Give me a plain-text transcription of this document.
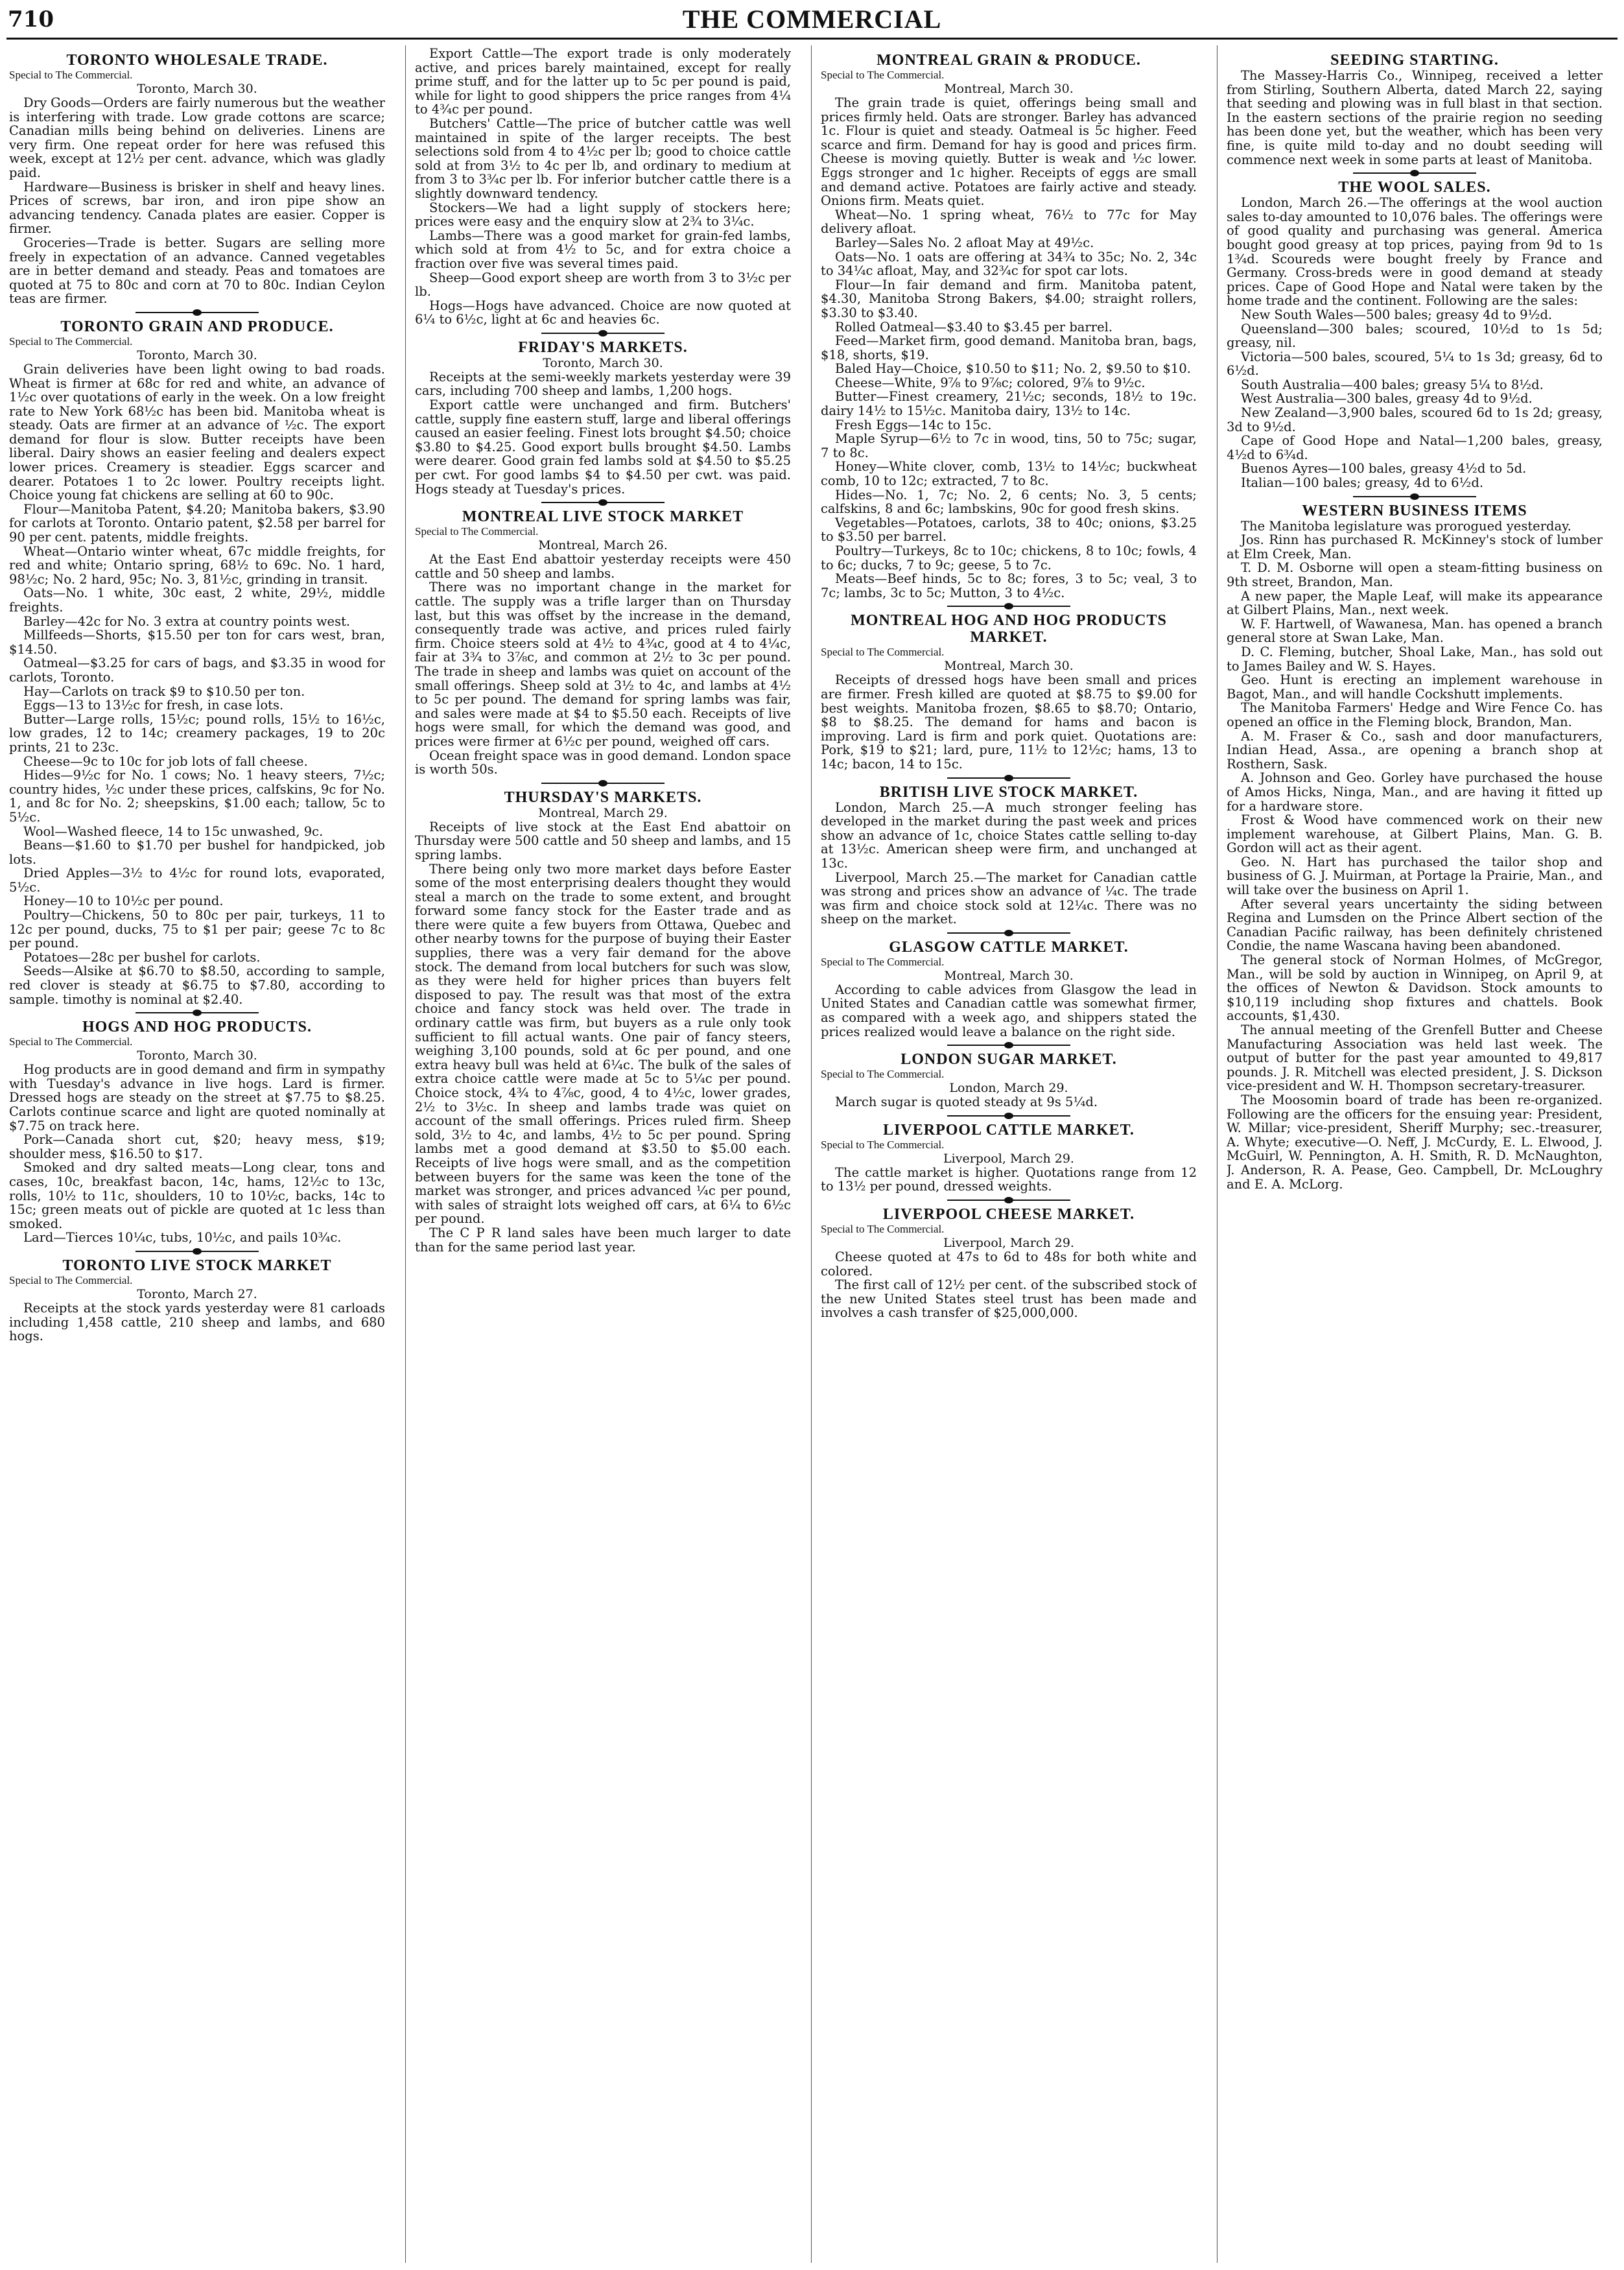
THE COMMERCIAL
710
TORONTO WHOLESALE TRADE.
Special to The Commercial.
Toronto, March 30.

Dry Goods—Orders are fairly numerous but the weather is interfering with trade. Low grade cottons are scarce; Canadian mills being behind on deliveries. Linens are very firm. One repeat order for here was refused this week, except at 12½ per cent. advance, which was gladly paid.

Hardware—Business is brisker in shelf and heavy lines. Prices of screws, bar iron, and iron pipe show an advancing tendency. Canada plates are easier. Copper is firmer.

Groceries—Trade is better. Sugars are selling more freely in expectation of an advance. Canned vegetables are in better demand and steady. Peas and tomatoes are quoted at 75 to 80c and corn at 70 to 80c. Indian Ceylon teas are firmer.

TORONTO GRAIN AND PRODUCE.
Special to The Commercial.
Toronto, March 30.

Grain deliveries have been light owing to bad roads. Wheat is firmer at 68c for red and white, an advance of 1½c over quotations of early in the week. On a low freight rate to New York 68½c has been bid. Manitoba wheat is steady. Oats are firmer at an advance of ½c. The export demand for flour is slow. Butter receipts have been liberal. Dairy shows an easier feeling and dealers expect lower prices. Creamery is steadier. Eggs scarcer and dearer. Potatoes 1 to 2c lower. Poultry receipts light. Choice young fat chickens are selling at 60 to 90c.

Flour—Manitoba Patent, $4.20; Manitoba bakers, $3.90 for carlots at Toronto. Ontario patent, $2.58 per barrel for 90 per cent. patents, middle freights.

Wheat—Ontario winter wheat, 67c middle freights, for red and white; Ontario spring, 68½ to 69c. No. 1 hard, 98½c; No. 2 hard, 95c; No. 3, 81½c, grinding in transit.

Oats—No. 1 white, 30c east, 2 white, 29½, middle freights.

Barley—42c for No. 3 extra at country points west.

Millfeeds—Shorts, $15.50 per ton for cars west, bran, $14.50.

Oatmeal—$3.25 for cars of bags, and $3.35 in wood for carlots, Toronto.

Hay—Carlots on track $9 to $10.50 per ton.

Eggs—13 to 13½c for fresh, in case lots.

Butter—Large rolls, 15½c; pound rolls, 15½ to 16½c, low grades, 12 to 14c; creamery packages, 19 to 20c prints, 21 to 23c.

Cheese—9c to 10c for job lots of fall cheese.

Hides—9½c for No. 1 cows; No. 1 heavy steers, 7½c; country hides, ½c under these prices, calfskins, 9c for No. 1, and 8c for No. 2; sheepskins, $1.00 each; tallow, 5c to 5½c.

Wool—Washed fleece, 14 to 15c unwashed, 9c.

Beans—$1.60 to $1.70 per bushel for handpicked, job lots.

Dried Apples—3½ to 4½c for round lots, evaporated, 5½c.

Honey—10 to 10½c per pound.

Poultry—Chickens, 50 to 80c per pair, turkeys, 11 to 12c per pound, ducks, 75 to $1 per pair; geese 7c to 8c per pound.

Potatoes—28c per bushel for carlots.

Seeds—Alsike at $6.70 to $8.50, according to sample, red clover is steady at $6.75 to $7.80, according to sample. timothy is nominal at $2.40.

HOGS AND HOG PRODUCTS.
Special to The Commercial.
Toronto, March 30.

Hog products are in good demand and firm in sympathy with Tuesday's advance in live hogs. Lard is firmer. Dressed hogs are steady on the street at $7.75 to $8.25. Carlots continue scarce and light are quoted nominally at $7.75 on track here.

Pork—Canada short cut, $20; heavy mess, $19; shoulder mess, $16.50 to $17.

Smoked and dry salted meats—Long clear, tons and cases, 10c, breakfast bacon, 14c, hams, 12½c to 13c, rolls, 10½ to 11c, shoulders, 10 to 10½c, backs, 14c to 15c; green meats out of pickle are quoted at 1c less than smoked.

Lard—Tierces 10¼c, tubs, 10½c, and pails 10¾c.

TORONTO LIVE STOCK MARKET
Special to The Commercial.
Toronto, March 27.

Receipts at the stock yards yesterday were 81 carloads including 1,458 cattle, 210 sheep and lambs, and 680 hogs.

Export Cattle—The export trade is only moderately active, and prices barely maintained, except for really prime stuff, and for the latter up to 5c per pound is paid, while for light to good shippers the price ranges from 4¼ to 4¾c per pound.

Butchers' Cattle—The price of butcher cattle was well maintained in spite of the larger receipts. The best selections sold from 4 to 4½c per lb; good to choice cattle sold at from 3½ to 4c per lb, and ordinary to medium at from 3 to 3¾c per lb. For inferior butcher cattle there is a slightly downward tendency.

Stockers—We had a light supply of stockers here; prices were easy and the enquiry slow at 2¾ to 3¼c.

Lambs—There was a good market for grain-fed lambs, which sold at from 4½ to 5c, and for extra choice a fraction over five was several times paid.

Sheep—Good export sheep are worth from 3 to 3½c per lb.

Hogs—Hogs have advanced. Choice are now quoted at 6¼ to 6½c, light at 6c and heavies 6c.

FRIDAY'S MARKETS.
Toronto, March 30.

Receipts at the semi-weekly markets yesterday were 39 cars, including 700 sheep and lambs, 1,200 hogs.

Export cattle were unchanged and firm. Butchers' cattle, supply fine eastern stuff, large and liberal offerings caused an easier feeling. Finest lots brought $4.50; choice $3.80 to $4.25. Good export bulls brought $4.50. Lambs were dearer. Good grain fed lambs sold at $4.50 to $5.25 per cwt. For good lambs $4 to $4.50 per cwt. was paid. Hogs steady at Tuesday's prices.

MONTREAL LIVE STOCK MARKET
Special to The Commercial.
Montreal, March 26.

At the East End abattoir yesterday receipts were 450 cattle and 50 sheep and lambs.

There was no important change in the market for cattle. The supply was a trifle larger than on Thursday last, but this was offset by the increase in the demand, consequently trade was active, and prices ruled fairly firm. Choice steers sold at 4½ to 4¾c, good at 4 to 4¼c, fair at 3¾ to 3⅞c, and common at 2½ to 3c per pound. The trade in sheep and lambs was quiet on account of the small offerings. Sheep sold at 3½ to 4c, and lambs at 4½ to 5c per pound. The demand for spring lambs was fair, and sales were made at $4 to $5.50 each. Receipts of live hogs were small, for which the demand was good, and prices were firmer at 6½c per pound, weighed off cars.

Ocean freight space was in good demand. London space is worth 50s.

THURSDAY'S MARKETS.
Montreal, March 29.

Receipts of live stock at the East End abattoir on Thursday were 500 cattle and 50 sheep and lambs, and 15 spring lambs.

There being only two more market days before Easter some of the most enterprising dealers thought they would steal a march on the trade to some extent, and brought forward some fancy stock for the Easter trade and as there were quite a few buyers from Ottawa, Quebec and other nearby towns for the purpose of buying their Easter supplies, there was a very fair demand for the above stock. The demand from local butchers for such was slow, as they were held for higher prices than buyers felt disposed to pay. The result was that most of the extra choice and fancy stock was held over. The trade in ordinary cattle was firm, but buyers as a rule only took sufficient to fill actual wants. One pair of fancy steers, weighing 3,100 pounds, sold at 6c per pound, and one extra heavy bull was held at 6¼c. The bulk of the sales of extra choice cattle were made at 5c to 5¼c per pound. Choice stock, 4¾ to 4⅞c, good, 4 to 4½c, lower grades, 2½ to 3½c. In sheep and lambs trade was quiet on account of the small offerings. Prices ruled firm. Sheep sold, 3½ to 4c, and lambs, 4½ to 5c per pound. Spring lambs met a good demand at $3.50 to $5.00 each. Receipts of live hogs were small, and as the competition between buyers for the same was keen the tone of the market was stronger, and prices advanced ¼c per pound, with sales of straight lots weighed off cars, at 6¼ to 6½c per pound.

The C P R land sales have been much larger to date than for the same period last year.

MONTREAL GRAIN & PRODUCE.
Special to The Commercial.
Montreal, March 30.

The grain trade is quiet, offerings being small and prices firmly held. Oats are stronger. Barley has advanced 1c. Flour is quiet and steady. Oatmeal is 5c higher. Feed scarce and firm. Demand for hay is good and prices firm. Cheese is moving quietly. Butter is weak and ½c lower. Eggs stronger and 1c higher. Receipts of eggs are small and demand active. Potatoes are fairly active and steady. Onions firm. Meats quiet.

Wheat—No. 1 spring wheat, 76½ to 77c for May delivery afloat.

Barley—Sales No. 2 afloat May at 49½c.

Oats—No. 1 oats are offering at 34¾ to 35c; No. 2, 34c to 34¼c afloat, May, and 32¾c for spot car lots.

Flour—In fair demand and firm. Manitoba patent, $4.30, Manitoba Strong Bakers, $4.00; straight rollers, $3.30 to $3.40.

Rolled Oatmeal—$3.40 to $3.45 per barrel.

Feed—Market firm, good demand. Manitoba bran, bags, $18, shorts, $19.

Baled Hay—Choice, $10.50 to $11; No. 2, $9.50 to $10.

Cheese—White, 9⅞ to 9⅞c; colored, 9⅞ to 9½c.

Butter—Finest creamery, 21½c; seconds, 18½ to 19c. dairy 14½ to 15½c. Manitoba dairy, 13½ to 14c.

Fresh Eggs—14c to 15c.

Maple Syrup—6½ to 7c in wood, tins, 50 to 75c; sugar, 7 to 8c.

Honey—White clover, comb, 13½ to 14½c; buckwheat comb, 10 to 12c; extracted, 7 to 8c.

Hides—No. 1, 7c; No. 2, 6 cents; No. 3, 5 cents; calfskins, 8 and 6c; lambskins, 90c for good fresh skins.

Vegetables—Potatoes, carlots, 38 to 40c; onions, $3.25 to $3.50 per barrel.

Poultry—Turkeys, 8c to 10c; chickens, 8 to 10c; fowls, 4 to 6c; ducks, 7 to 9c; geese, 5 to 7c.

Meats—Beef hinds, 5c to 8c; fores, 3 to 5c; veal, 3 to 7c; lambs, 3c to 5c; Mutton, 3 to 4½c.

MONTREAL HOG AND HOG PRODUCTS MARKET.
Special to The Commercial.
Montreal, March 30.

Receipts of dressed hogs have been small and prices are firmer. Fresh killed are quoted at $8.75 to $9.00 for best weights. Manitoba frozen, $8.65 to $8.70; Ontario, $8 to $8.25. The demand for hams and bacon is improving. Lard is firm and pork quiet. Quotations are: Pork, $19 to $21; lard, pure, 11½ to 12½c; hams, 13 to 14c; bacon, 14 to 15c.

BRITISH LIVE STOCK MARKET.

London, March 25.—A much stronger feeling has developed in the market during the past week and prices show an advance of 1c, choice States cattle selling to-day at 13½c. American sheep were firm, and unchanged at 13c.

Liverpool, March 25.—The market for Canadian cattle was strong and prices show an advance of ¼c. The trade was firm and choice stock sold at 12¼c. There was no sheep on the market.

GLASGOW CATTLE MARKET.
Special to The Commercial.
Montreal, March 30.

According to cable advices from Glasgow the lead in United States and Canadian cattle was somewhat firmer, as compared with a week ago, and shippers stated the prices realized would leave a balance on the right side.

LONDON SUGAR MARKET.
Special to The Commercial.
London, March 29.

March sugar is quoted steady at 9s 5¼d.

LIVERPOOL CATTLE MARKET.
Special to The Commercial.
Liverpool, March 29.

The cattle market is higher. Quotations range from 12 to 13½ per pound, dressed weights.

LIVERPOOL CHEESE MARKET.
Special to The Commercial.
Liverpool, March 29.

Cheese quoted at 47s to 6d to 48s for both white and colored.

The first call of 12½ per cent. of the subscribed stock of the new United States steel trust has been made and involves a cash transfer of $25,000,000.

SEEDING STARTING.

The Massey-Harris Co., Winnipeg, received a letter from Stirling, Southern Alberta, dated March 22, saying that seeding and plowing was in full blast in that section. In the eastern sections of the prairie region no seeding has been done yet, but the weather, which has been very fine, is quite mild to-day and no doubt seeding will commence next week in some parts at least of Manitoba.

THE WOOL SALES.

London, March 26.—The offerings at the wool auction sales to-day amounted to 10,076 bales. The offerings were of good quality and purchasing was general. America bought good greasy at top prices, paying from 9d to 1s 1¾d. Scoureds were bought freely by France and Germany. Cross-breds were in good demand at steady prices. Cape of Good Hope and Natal were taken by the home trade and the continent. Following are the sales:

New South Wales—500 bales; greasy 4d to 9½d.

Queensland—300 bales; scoured, 10½d to 1s 5d; greasy, nil.

Victoria—500 bales, scoured, 5¼ to 1s 3d; greasy, 6d to 6½d.

South Australia—400 bales; greasy 5¼ to 8½d.

West Australia—300 bales, greasy 4d to 9½d.

New Zealand—3,900 bales, scoured 6d to 1s 2d; greasy, 3d to 9½d.

Cape of Good Hope and Natal—1,200 bales, greasy, 4½d to 6¾d.

Buenos Ayres—100 bales, greasy 4½d to 5d.

Italian—100 bales; greasy, 4d to 6½d.

WESTERN BUSINESS ITEMS

The Manitoba legislature was prorogued yesterday.

Jos. Rinn has purchased R. McKinney's stock of lumber at Elm Creek, Man.

T. D. M. Osborne will open a steam-fitting business on 9th street, Brandon, Man.

A new paper, the Maple Leaf, will make its appearance at Gilbert Plains, Man., next week.

W. F. Hartwell, of Wawanesa, Man. has opened a branch general store at Swan Lake, Man.

D. C. Fleming, butcher, Shoal Lake, Man., has sold out to James Bailey and W. S. Hayes.

Geo. Hunt is erecting an implement warehouse in Bagot, Man., and will handle Cockshutt implements.

The Manitoba Farmers' Hedge and Wire Fence Co. has opened an office in the Fleming block, Brandon, Man.

A. M. Fraser & Co., sash and door manufacturers, Indian Head, Assa., are opening a branch shop at Rosthern, Sask.

A. Johnson and Geo. Gorley have purchased the house of Amos Hicks, Ninga, Man., and are having it fitted up for a hardware store.

Frost & Wood have commenced work on their new implement warehouse, at Gilbert Plains, Man. G. B. Gordon will act as their agent.

Geo. N. Hart has purchased the tailor shop and business of G. J. Muirman, at Portage la Prairie, Man., and will take over the business on April 1.

After several years uncertainty the siding between Regina and Lumsden on the Prince Albert section of the Canadian Pacific railway, has been definitely christened Condie, the name Wascana having been abandoned.

The general stock of Norman Holmes, of McGregor, Man., will be sold by auction in Winnipeg, on April 9, at the offices of Newton & Davidson. Stock amounts to $10,119 including shop fixtures and chattels. Book accounts, $1,430.

The annual meeting of the Grenfell Butter and Cheese Manufacturing Association was held last week. The output of butter for the past year amounted to 49,817 pounds. J. R. Mitchell was elected president, J. S. Dickson vice-president and W. H. Thompson secretary-treasurer.

The Moosomin board of trade has been re-organized. Following are the officers for the ensuing year: President, W. Millar; vice-president, Sheriff Murphy; sec.-treasurer, A. Whyte; executive—O. Neff, J. McCurdy, E. L. Elwood, J. McGuirl, W. Pennington, A. H. Smith, R. D. McNaughton, J. Anderson, R. A. Pease, Geo. Campbell, Dr. McLoughry and E. A. McLorg.
